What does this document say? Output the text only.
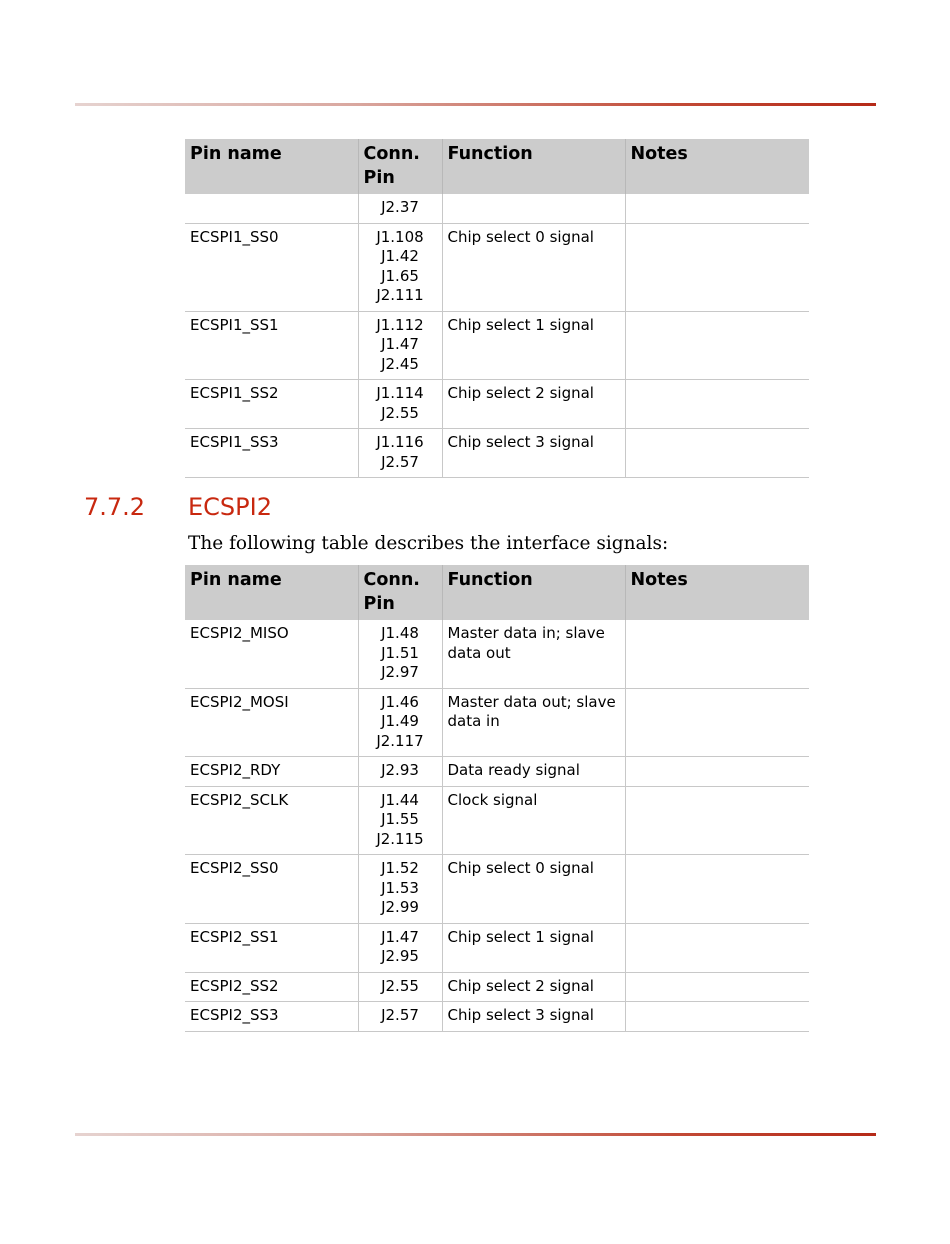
Pin name	Conn. Pin	Function	Notes
	J2.37		
ECSPI1_SS0	J1.108
J1.42
J1.65
J2.111	Chip select 0 signal	
ECSPI1_SS1	J1.112
J1.47
J2.45	Chip select 1 signal	
ECSPI1_SS2	J1.114
J2.55	Chip select 2 signal	
ECSPI1_SS3	J1.116
J2.57	Chip select 3 signal	
7.7.2 ECSPI2
The following table describes the interface signals:
Pin name	Conn. Pin	Function	Notes
ECSPI2_MISO	J1.48
J1.51
J2.97	Master data in; slave data out	
ECSPI2_MOSI	J1.46
J1.49
J2.117	Master data out; slave data in	
ECSPI2_RDY	J2.93	Data ready signal	
ECSPI2_SCLK	J1.44
J1.55
J2.115	Clock signal	
ECSPI2_SS0	J1.52
J1.53
J2.99	Chip select 0 signal	
ECSPI2_SS1	J1.47
J2.95	Chip select 1 signal	
ECSPI2_SS2	J2.55	Chip select 2 signal	
ECSPI2_SS3	J2.57	Chip select 3 signal	
